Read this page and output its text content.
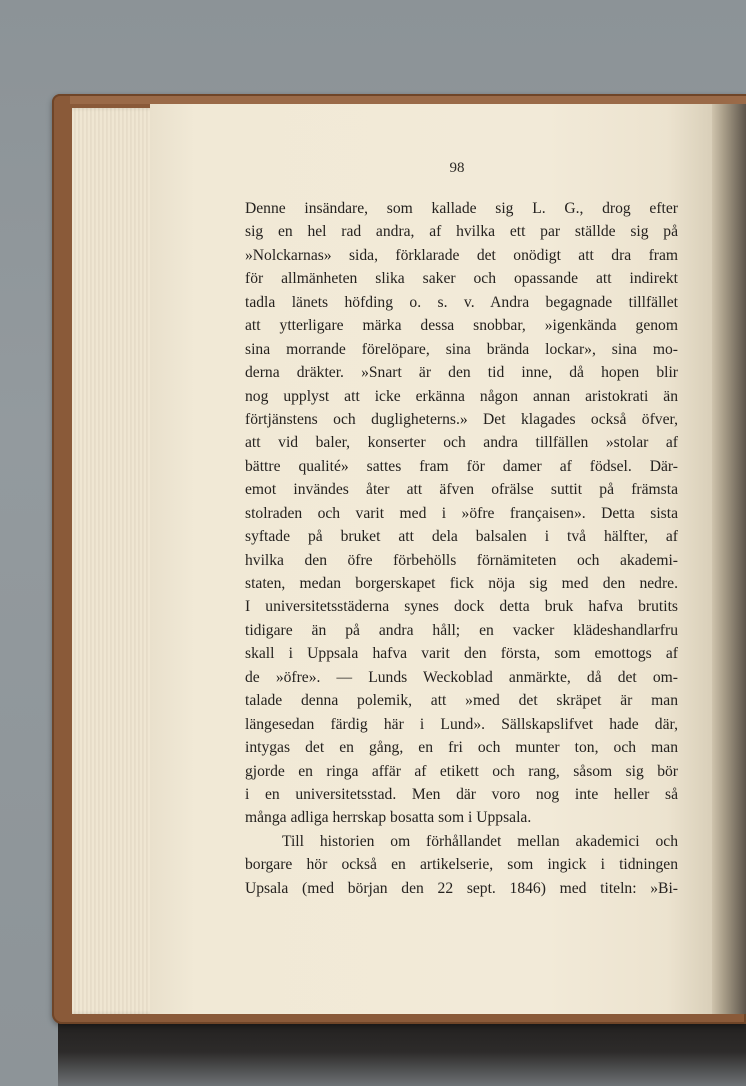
98
Denne insändare, som kallade sig L. G., drog efter
sig en hel rad andra, af hvilka ett par ställde sig på
»Nolckarnas» sida, förklarade det onödigt att dra fram
för allmänheten slika saker och opassande att indirekt
tadla länets höfding o. s. v. Andra begagnade tillfället
att ytterligare märka dessa snobbar, »igenkända genom
sina morrande förelöpare, sina brända lockar», sina mo-
derna dräkter. »Snart är den tid inne, då hopen blir
nog upplyst att icke erkänna någon annan aristokrati än
förtjänstens och dugligheterns.» Det klagades också öfver,
att vid baler, konserter och andra tillfällen »stolar af
bättre qualité» sattes fram för damer af födsel. Där-
emot invändes åter att äfven ofrälse suttit på främsta
stolraden och varit med i »öfre françaisen». Detta sista
syftade på bruket att dela balsalen i två hälfter, af
hvilka den öfre förbehölls förnämiteten och akademi-
staten, medan borgerskapet fick nöja sig med den nedre.
I universitetsstäderna synes dock detta bruk hafva brutits
tidigare än på andra håll; en vacker klädeshandlarfru
skall i Uppsala hafva varit den första, som emottogs af
de »öfre». — Lunds Weckoblad anmärkte, då det om-
talade denna polemik, att »med det skräpet är man
längesedan färdig här i Lund». Sällskapslifvet hade där,
intygas det en gång, en fri och munter ton, och man
gjorde en ringa affär af etikett och rang, såsom sig bör
i en universitetsstad. Men där voro nog inte heller så
många adliga herrskap bosatta som i Uppsala.
Till historien om förhållandet mellan akademici och
borgare hör också en artikelserie, som ingick i tidningen
Upsala (med början den 22 sept. 1846) med titeln: »Bi-
